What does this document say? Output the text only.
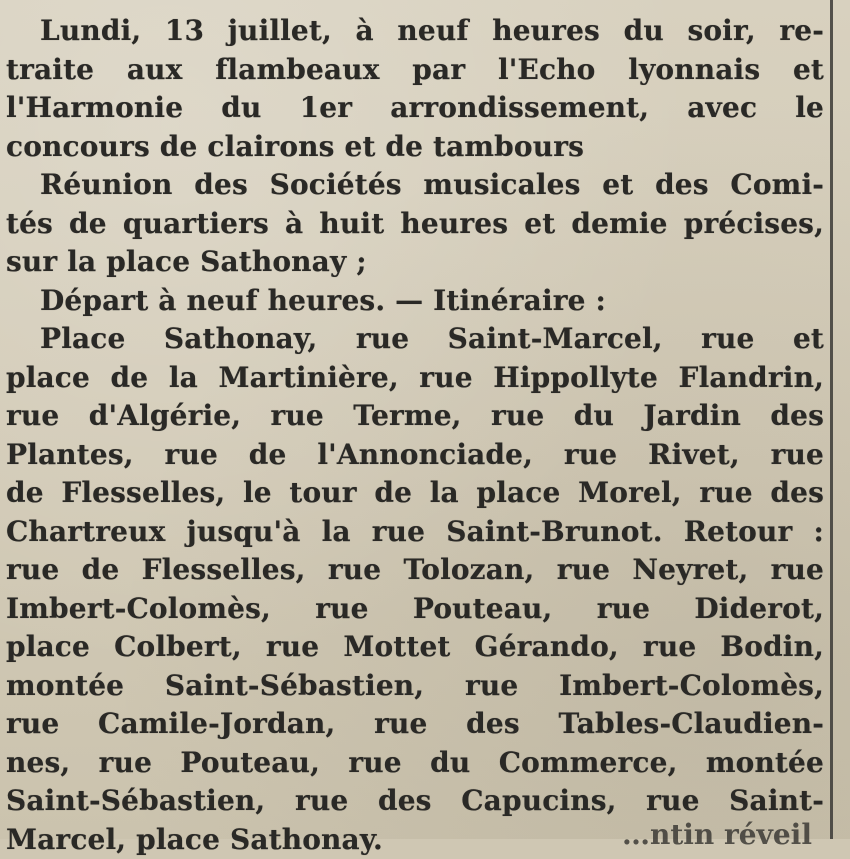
Lundi, 13 juillet, à neuf heures du soir, re-
traite aux flambeaux par l'Echo lyonnais et
l'Harmonie du 1er arrondissement, avec le
concours de clairons et de tambours
Réunion des Sociétés musicales et des Comi-
tés de quartiers à huit heures et demie précises,
sur la place Sathonay ;
Départ à neuf heures. — Itinéraire :
Place Sathonay, rue Saint-Marcel, rue et
place de la Martinière, rue Hippollyte Flandrin,
rue d'Algérie, rue Terme, rue du Jardin des
Plantes, rue de l'Annonciade, rue Rivet, rue
de Flesselles, le tour de la place Morel, rue des
Chartreux jusqu'à la rue Saint-Brunot. Retour :
rue de Flesselles, rue Tolozan, rue Neyret, rue
Imbert-Colomès, rue Pouteau, rue Diderot,
place Colbert, rue Mottet Gérando, rue Bodin,
montée Saint-Sébastien, rue Imbert-Colomès,
rue Camile-Jordan, rue des Tables-Claudien-
nes, rue Pouteau, rue du Commerce, montée
Saint-Sébastien, rue des Capucins, rue Saint-
Marcel, place Sathonay.	…ntin réveil
